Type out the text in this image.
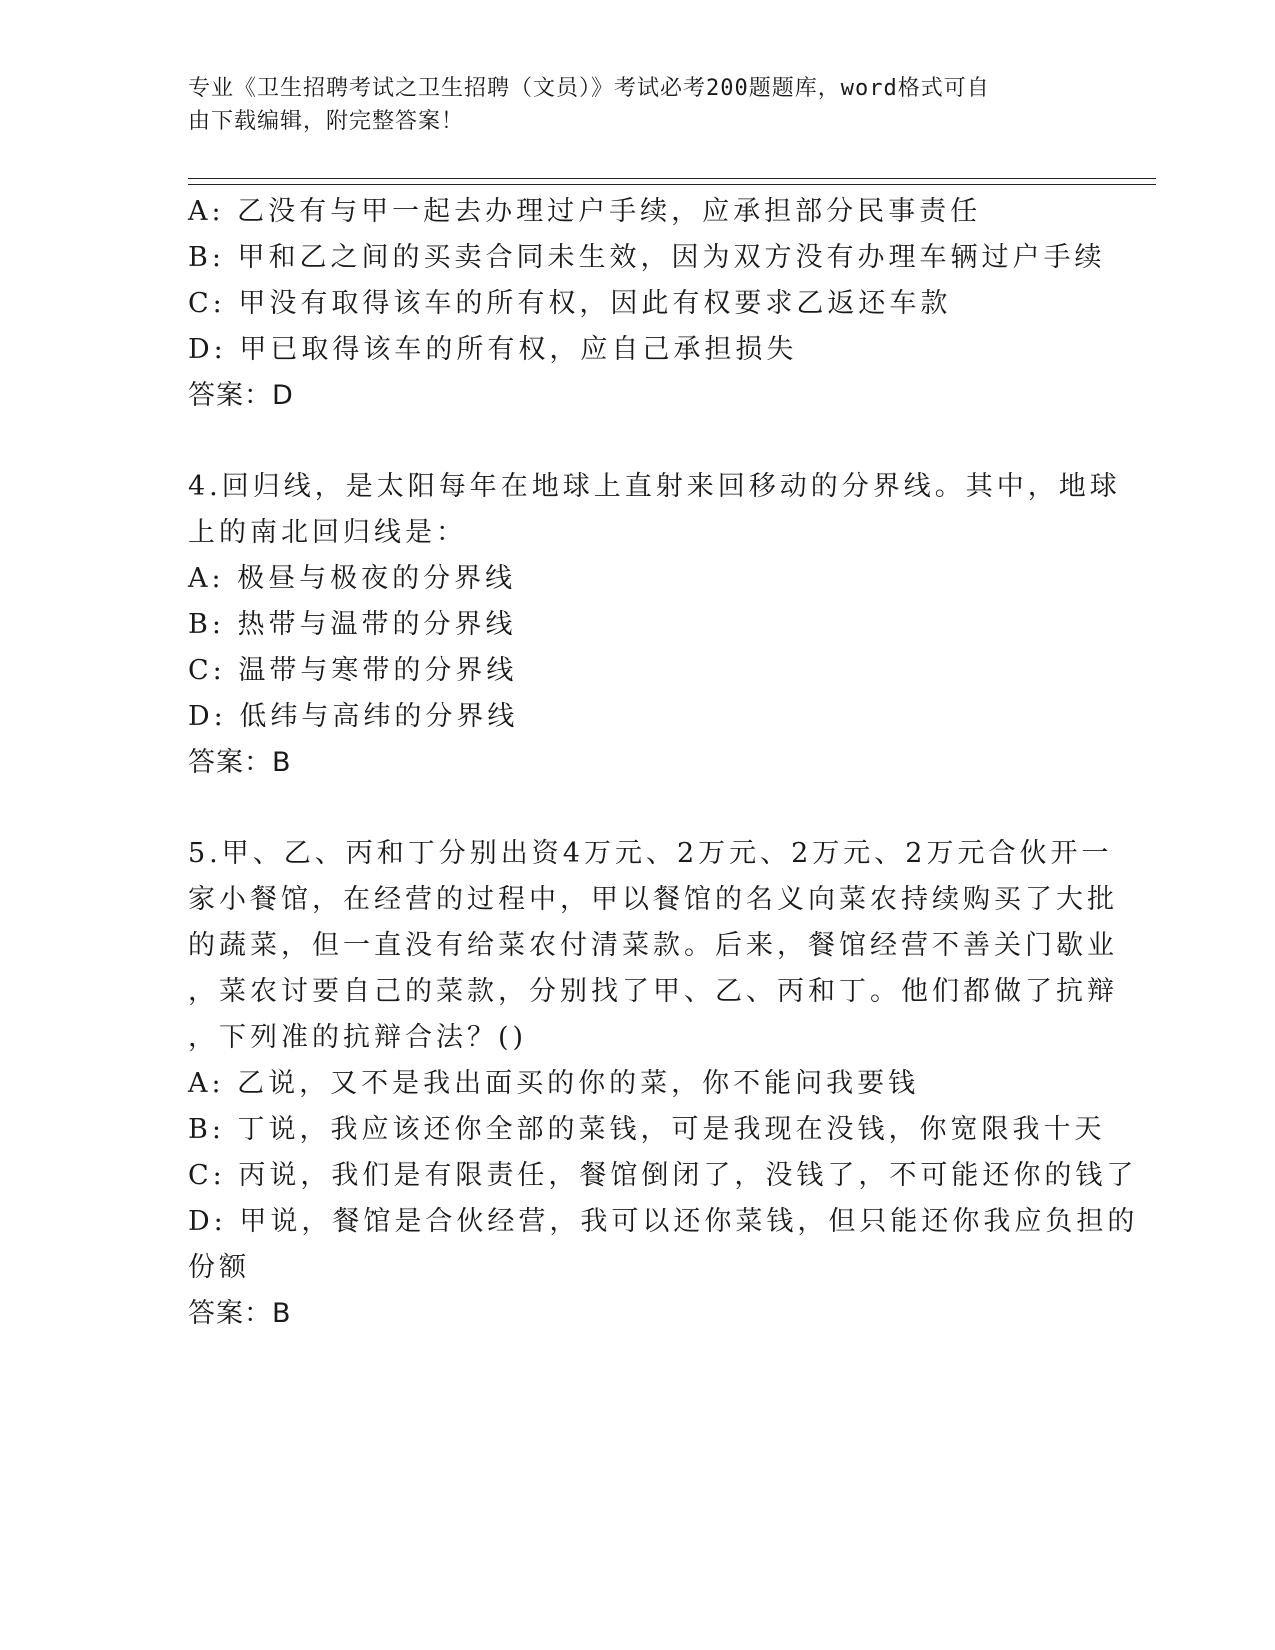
专业《卫生招聘考试之卫生招聘（文员）》考试必考200题题库，word格式可自
由下载编辑，附完整答案！
A: 乙没有与甲一起去办理过户手续，应承担部分民事责任
B: 甲和乙之间的买卖合同未生效，因为双方没有办理车辆过户手续
C: 甲没有取得该车的所有权，因此有权要求乙返还车款
D: 甲已取得该车的所有权，应自己承担损失
答案：D
4.回归线，是太阳每年在地球上直射来回移动的分界线。其中，地球
上的南北回归线是：
A: 极昼与极夜的分界线
B: 热带与温带的分界线
C: 温带与寒带的分界线
D: 低纬与高纬的分界线
答案：B
5.甲、乙、丙和丁分别出资4万元、2万元、2万元、2万元合伙开一
家小餐馆，在经营的过程中，甲以餐馆的名义向菜农持续购买了大批
的蔬菜，但一直没有给菜农付清菜款。后来，餐馆经营不善关门歇业
，菜农讨要自己的菜款，分别找了甲、乙、丙和丁。他们都做了抗辩
，下列准的抗辩合法？()
A: 乙说，又不是我出面买的你的菜，你不能问我要钱
B: 丁说，我应该还你全部的菜钱，可是我现在没钱，你宽限我十天
C: 丙说，我们是有限责任，餐馆倒闭了，没钱了，不可能还你的钱了
D: 甲说，餐馆是合伙经营，我可以还你菜钱，但只能还你我应负担的
份额
答案：B
